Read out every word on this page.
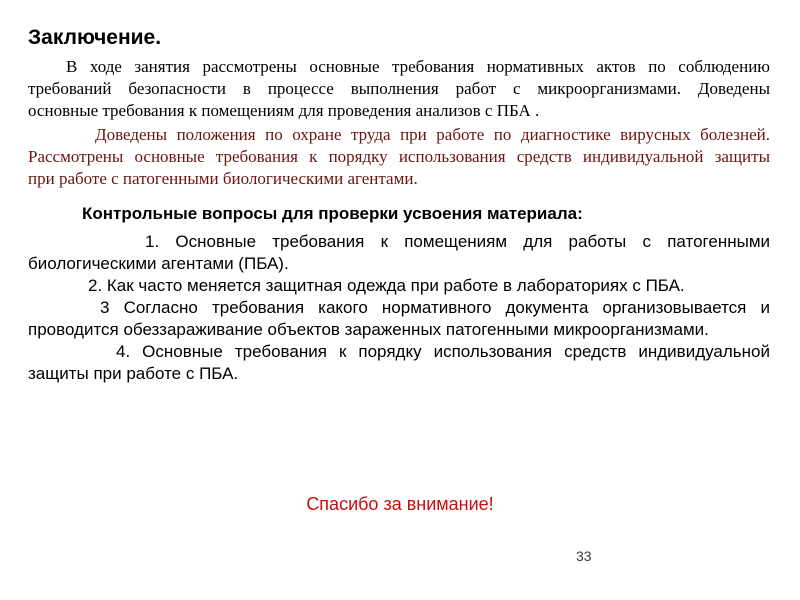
Заключение.
В ходе занятия рассмотрены основные требования нормативных актов по соблюдению
требований безопасности в процессе выполнения работ с микроорганизмами. Доведены
основные требования к помещениям для проведения анализов с ПБА .
Доведены положения по охране труда при работе по диагностике вирусных болезней.
Рассмотрены основные требования к порядку использования средств индивидуальной защиты
при работе с патогенными биологическими агентами.
Контрольные вопросы для проверки усвоения материала:
1. Основные требования к помещениям для работы с патогенными
биологическими агентами (ПБА).
2. Как часто меняется защитная одежда при работе в лабораториях с ПБА.
3 Согласно требования какого нормативного документа организовывается и
проводится обеззараживание объектов зараженных патогенными микроорганизмами.
4. Основные требования к порядку использования средств индивидуальной
защиты при работе с ПБА.
Спасибо за внимание!
33
